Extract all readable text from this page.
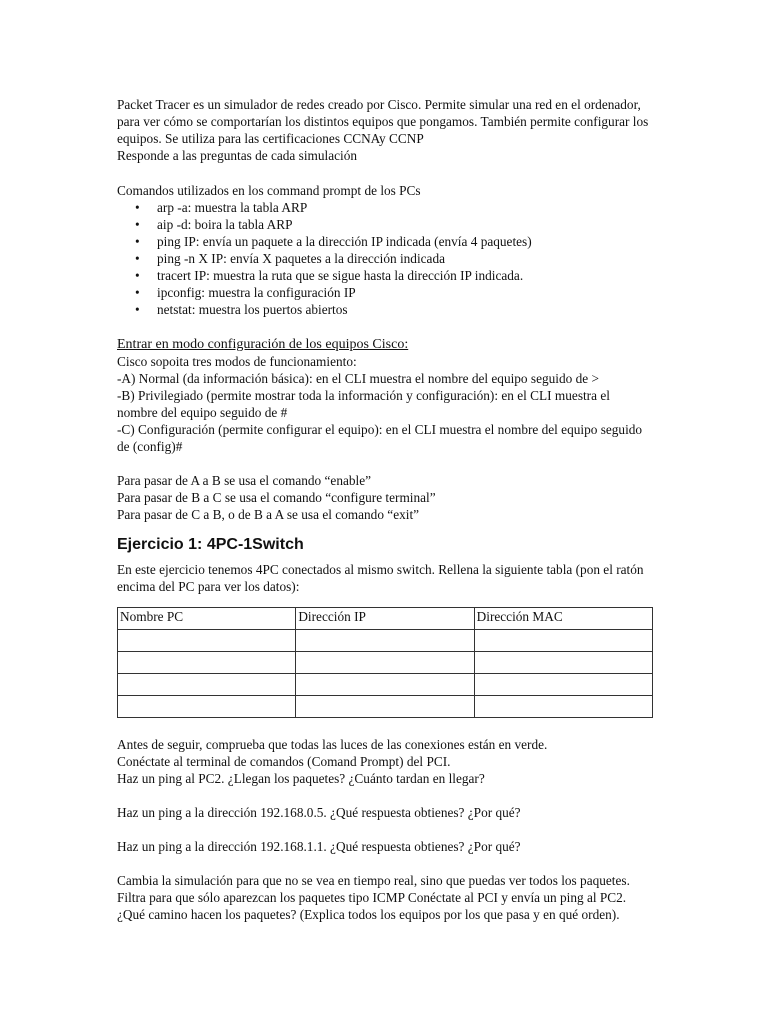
Packet Tracer es un simulador de redes creado por Cisco. Permite simular una red en el ordenador,

para ver cómo se comportarían los distintos equipos que pongamos. También permite configurar los

equipos. Se utiliza para las certificaciones CCNAy CCNP

Responde a las preguntas de cada simulación

Comandos utilizados en los command prompt de los PCs

• arp -a: muestra la tabla ARP
• aip -d: boira la tabla ARP
• ping IP: envía un paquete a la dirección IP indicada (envía 4 paquetes)
• ping -n X IP: envía X paquetes a la dirección indicada
• tracert IP: muestra la ruta que se sigue hasta la dirección IP indicada.
• ipconfig: muestra la configuración IP
• netstat: muestra los puertos abiertos

Entrar en modo configuración de los equipos Cisco:

Cisco sopoita tres modos de funcionamiento:

-A) Normal (da información básica): en el CLI muestra el nombre del equipo seguido de >

-B) Privilegiado (permite mostrar toda la información y configuración): en el CLI muestra el

nombre del equipo seguido de #

-C) Configuración (permite configurar el equipo): en el CLI muestra el nombre del equipo seguido

de (config)#

Para pasar de A a B se usa el comando “enable”

Para pasar de B a C se usa el comando “configure terminal”

Para pasar de C a B, o de B a A se usa el comando “exit”

Ejercicio 1: 4PC-1Switch

En este ejercicio tenemos 4PC conectados al mismo switch. Rellena la siguiente tabla (pon el ratón

encima del PC para ver los datos):

Nombre PC	Dirección IP	Dirección MAC

Antes de seguir, comprueba que todas las luces de las conexiones están en verde.

Conéctate al terminal de comandos (Comand Prompt) del PCI.

Haz un ping al PC2. ¿Llegan los paquetes? ¿Cuánto tardan en llegar?

Haz un ping a la dirección 192.168.0.5. ¿Qué respuesta obtienes? ¿Por qué?

Haz un ping a la dirección 192.168.1.1. ¿Qué respuesta obtienes? ¿Por qué?

Cambia la simulación para que no se vea en tiempo real, sino que puedas ver todos los paquetes.

Filtra para que sólo aparezcan los paquetes tipo ICMP Conéctate al PCI y envía un ping al PC2.

¿Qué camino hacen los paquetes? (Explica todos los equipos por los que pasa y en qué orden).
